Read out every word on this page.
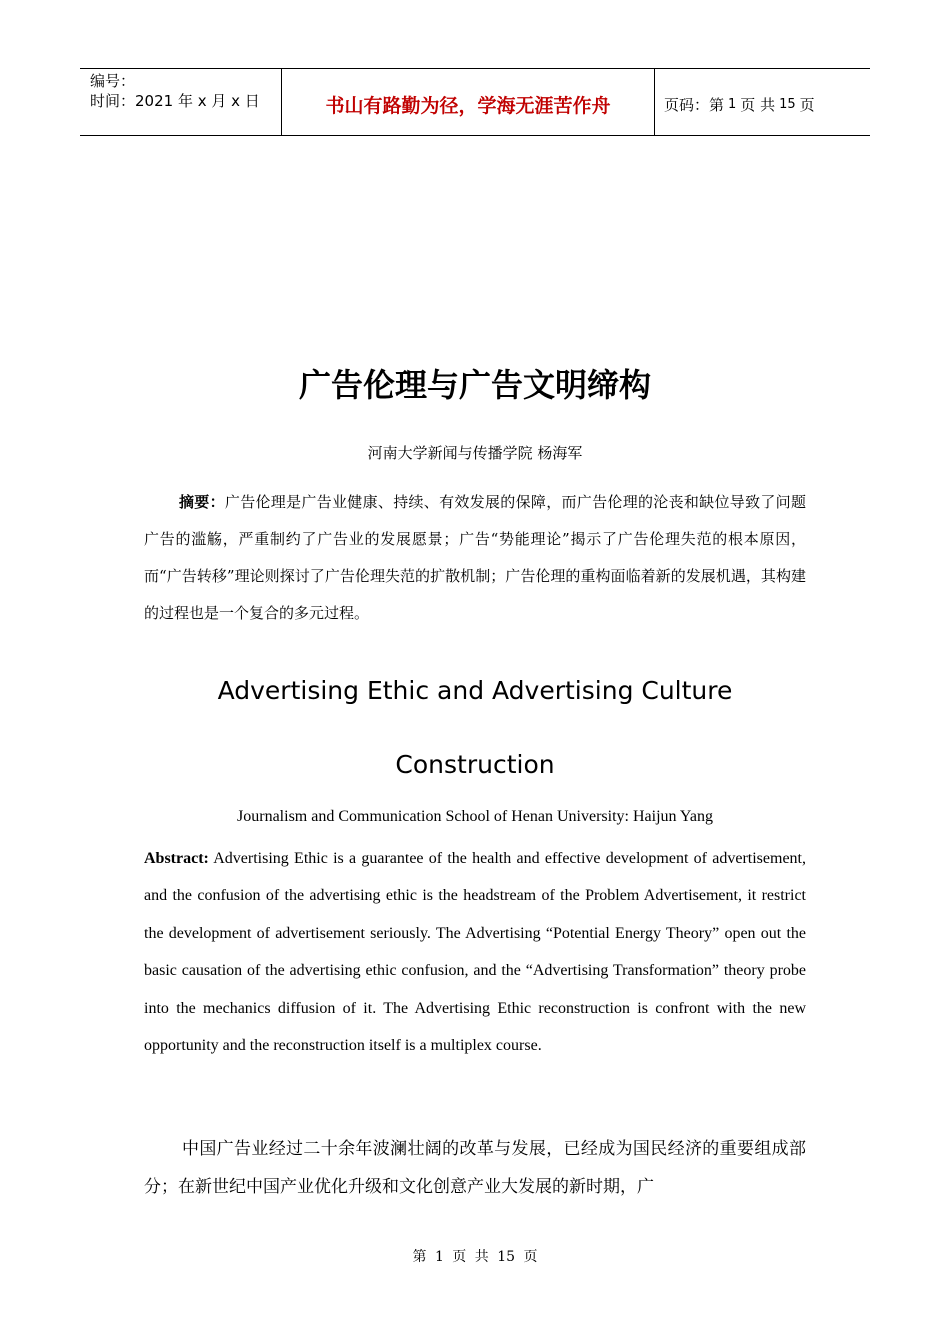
编号：
时间：2021 年 x 月 x 日	书山有路勤为径，学海无涯苦作舟	页码：第 1 页 共 15 页
广告伦理与广告文明缔构
河南大学新闻与传播学院 杨海军
摘要：广告伦理是广告业健康、持续、有效发展的保障，而广告伦理的沦丧和缺位导致了问题广告的滥觞，严重制约了广告业的发展愿景；广告“势能理论”揭示了广告伦理失范的根本原因，而“广告转移”理论则探讨了广告伦理失范的扩散机制；广告伦理的重构面临着新的发展机遇，其构建的过程也是一个复合的多元过程。
Advertising Ethic and Advertising Culture
Construction
Journalism and Communication School of Henan University: Haijun Yang
Abstract: Advertising Ethic is a guarantee of the health and effective development of advertisement, and the confusion of the advertising ethic is the headstream of the Problem Advertisement, it restrict the development of advertisement seriously. The Advertising “Potential Energy Theory” open out the basic causation of the advertising ethic confusion, and the “Advertising Transformation” theory probe into the mechanics diffusion of it. The Advertising Ethic reconstruction is confront with the new opportunity and the reconstruction itself is a multiplex course.
中国广告业经过二十余年波澜壮阔的改革与发展，已经成为国民经济的重要组成部分；在新世纪中国产业优化升级和文化创意产业大发展的新时期，广
第 1 页 共 15 页
